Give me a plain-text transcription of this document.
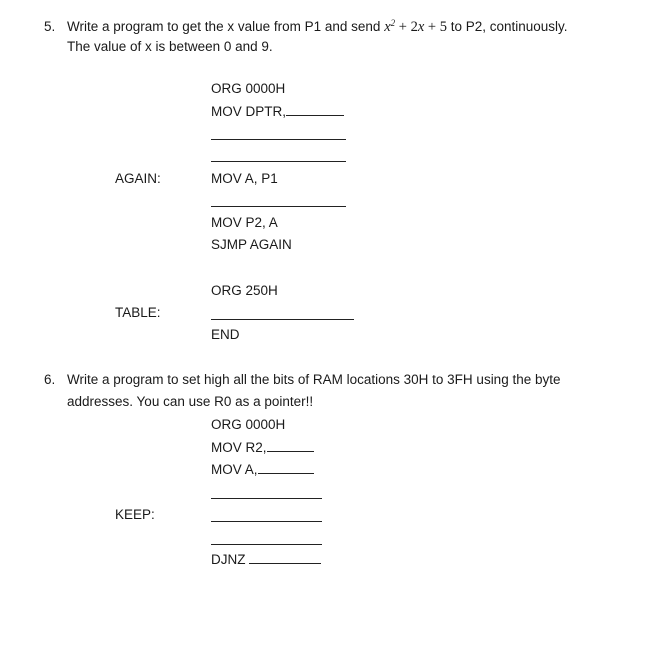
5. Write a program to get the x value from P1 and send $x^2 + 2x + 5$ to P2, continuously.
The value of x is between 0 and 9.
ORG 0000H
MOV DPTR,
AGAIN:	MOV A, P1
MOV P2, A
SJMP AGAIN
ORG 250H
TABLE:
END
6. Write a program to set high all the bits of RAM locations 30H to 3FH using the byte
addresses. You can use R0 as a pointer!!
ORG 0000H
MOV R2,
MOV A,
KEEP:
DJNZ
